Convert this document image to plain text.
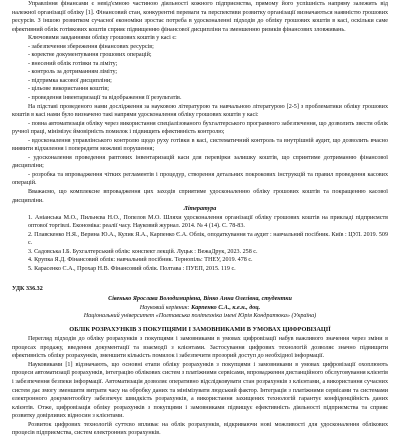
Управління фінансами є невід'ємною частиною діяльності кожного підприємства, прямому його успішність напряму залежить від належної організації обліку [1]. Фінансовий стан, конкурентні переваги та перспективи розвитку організації визначаються наявністю грошових ресурсів. З іншою розвитком сучасної економіки зростає потреба в удосконаленні підходів до обліку грошових коштів в касі, оскільки саме ефективний облік готівкових коштів сприяє підвищенню фінансової дисципліни та зменшенню ризиків фінансових зловживань.

Ключовими завданнями обліку грошових коштів у касі є:

- забезпечення збереження фінансових ресурсів;
- коректне документування грошових операцій;
- внесений облік готівки та ліміту;
- контроль за дотриманням ліміту;
- підтримка касової дисципліни;
- цільове використання коштів;
- проведення інвентаризації та відображення її результатів.

На підставі проведеного нами дослідження за науковою літературою та навчальною літературою [2-5] з проблематики обліку грошових коштів в касі нами було визначено такі напрями удосконалення обліку грошових коштів у касі:

- повна автоматизація обліку через використання спеціалізованого бухгалтерського програмного забезпечення, що дозволить звести облік ручної праці, мінімізує ймовірність помилок і підвищить ефективність контролю;

- вдосконалення управлінського контролю щодо руху готівки в касі, систематичний контроль та внутрішній аудит, що дозволить вчасно виявити відхилення і попередити можливі порушення;

- удосконалення проведення раптових інвентаризацій каси для перевірки залишку коштів, що сприятиме дотриманню фінансової дисципліни;

- розробка та впровадження чітких регламентів і процедур, створення детальних покрокових інструкцій та правил проведення касових операцій.

Вважаємо, що комплексне впровадження цих заходів сприятиме удосконаленню обліку грошових коштів та покращенню касової дисципліни.

Література

1. Аніанська М.О., Пильнєва Н.О., Попелов М.О. Шляхи удосконалення організації обліку грошових коштів на прикладі підприємств оптової торгівлі. Економіка: реалії часу. Науковий журнал. 2014. № 4 (14). С. 78-83.

2. Плавскенко Н.Я., Верина Ю.А., Кулик Я.А., Карпенко Є.А. Облік, оподаткування та аудит : навчальний посібник. Київ : ЦУЛ. 2019. 509 с.

3. Садовська І.Б. Бухгалтерський облік: конспект лекцій. Луцьк : ВежаДрук, 2023. 258 с.

4. Крупка Я.Д. Фінансовий облік: навчальний посібник. Тернопіль: ТНЕУ, 2019. 478 с.

5. Карасенко С.А., Прохар Н.В. Фінансовий облік. Полтава : ПУЕП, 2015. 119 с.

УДК 336.32

Сівенько Ярослава Володимирівна, Вінко Анна Олегівна, студентки

Науковий керівник: Карпенко С.А., к.е.н., доц.

Національний університет «Полтавська політехніка імені Юрія Кондратюка» (Україна)

ОБЛІК РОЗРАХУНКІВ З ПОКУПЦЯМИ І ЗАМОВНИКАМИ В УМОВАХ ЦИФРОВІЗАЦІЇ

Перегляд підходів до обліку розрахунків з покупцями і замовниками в умовах цифровізації набув важливого значення через зміни в процесах продажу, введення документації та взаємодії з клієнтами. Застосування цифрових технологій дозволяє значно підвищити ефективність обліку розрахунків, зменшити кількість помилок і забезпечити прозорий доступ до необхідної інформації.

Науковиками [1] відзначають, що основні етапи обліку розрахунків з покупцями і замовниками в умовах цифровізації охоплюють процеси автоматизації розрахунків, інтеграцію облікових систем з платіжними сервісами, впровадження дистанційного обслуговування клієнтів і забезпечення безпеки інформації. Автоматизація дозволяє оперативно відслідковувати стан розрахунків з клієнтами, а використання сучасних систем дає змогу зменшити витрати часу на обробку даних та мінімізувати людський фактор. Інтеграція з платіжними сервісами та системами електронного документообігу забезпечує швидкість розрахунків, а використання захищених технологій гарантує конфіденційність даних клієнтів. Отже, цифровізація обліку розрахунків з покупцями і замовниками підвищує ефективність діяльності підприємства та сприяє розвитку довірливих відносин з клієнтами.

Розвиток цифрових технологій суттєво впливає на облік розрахунків, відкриваючи нові можливості для удосконалення облікових процесів підприємства, систем електронних розрахунків.
